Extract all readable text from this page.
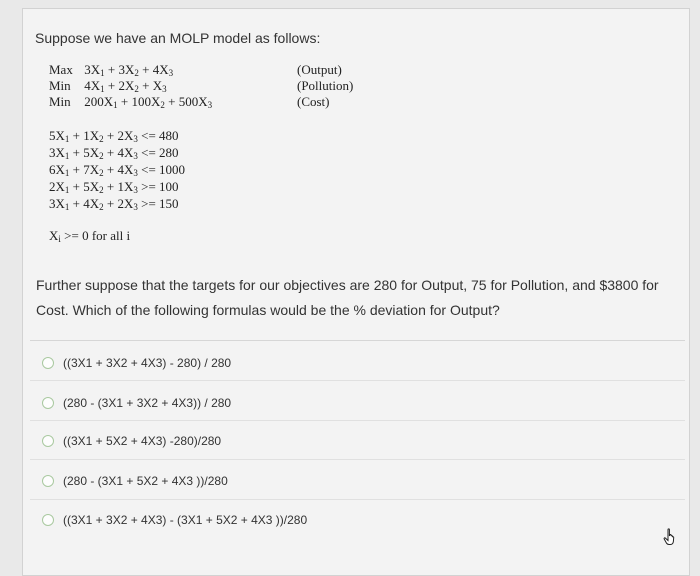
Suppose we have an MOLP model as follows:
Max $3X_1 + 3X_2 + 4X_3$	(Output)
Min $4X_1 + 2X_2 + X_3$	(Pollution)
Min $200X_1 + 100X_2 + 500X_3$	(Cost)
$5X_1 + 1X_2 + 2X_3 <= 480$
$3X_1 + 5X_2 + 4X_3 <= 280$
$6X_1 + 7X_2 + 4X_3 <= 1000$
$2X_1 + 5X_2 + 1X_3 >= 100$
$3X_1 + 4X_2 + 2X_3 >= 150$
$X_i >= 0$ for all i
Further suppose that the targets for our objectives are 280 for Output, 75 for Pollution, and $3800 for Cost. Which of the following formulas would be the % deviation for Output?
((3X1 + 3X2 + 4X3) - 280) / 280
(280 - (3X1 + 3X2 + 4X3)) / 280
((3X1 + 5X2 + 4X3) -280)/280
(280 - (3X1 + 5X2 + 4X3 ))/280
((3X1 + 3X2 + 4X3) - (3X1 + 5X2 + 4X3 ))/280
